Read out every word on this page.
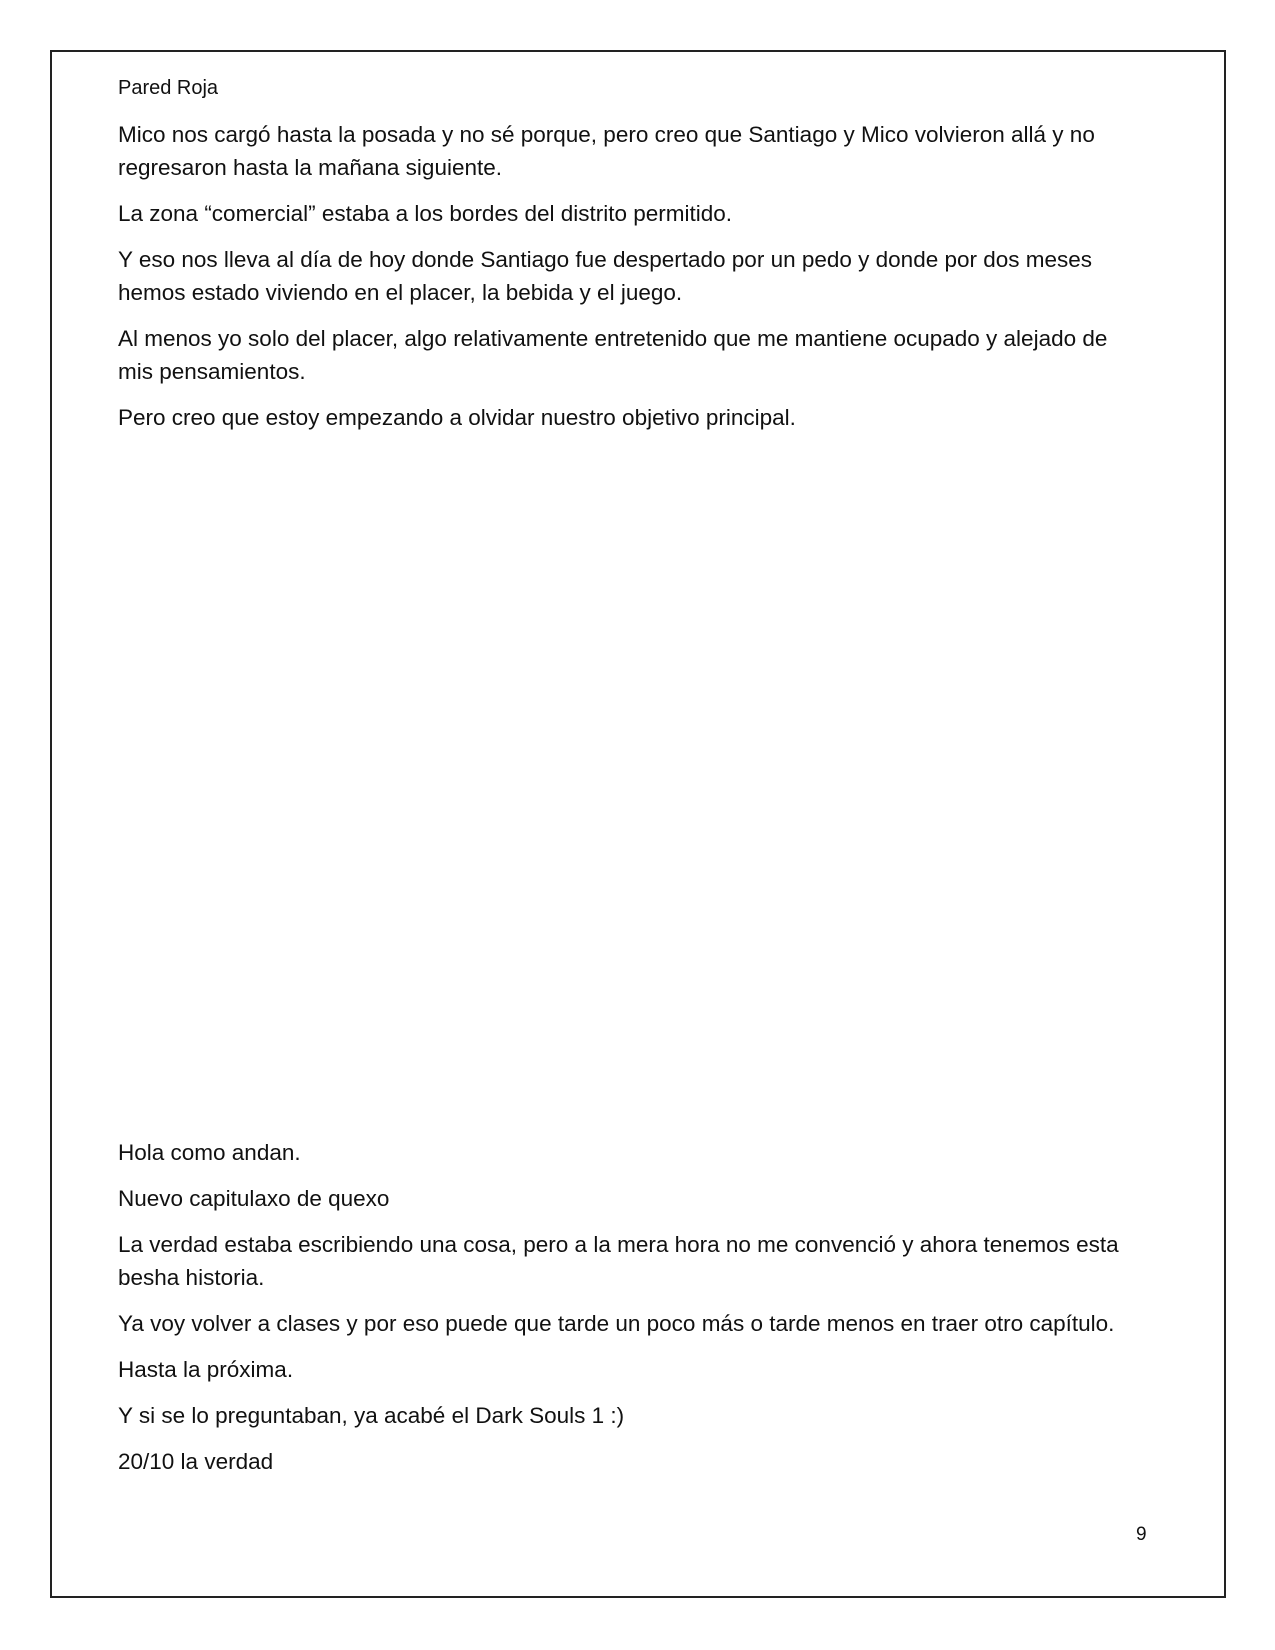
Pared Roja

Mico nos cargó hasta la posada y no sé porque, pero creo que Santiago y Mico volvieron allá y no regresaron hasta la mañana siguiente.

La zona “comercial” estaba a los bordes del distrito permitido.

Y eso nos lleva al día de hoy donde Santiago fue despertado por un pedo y donde por dos meses hemos estado viviendo en el placer, la bebida y el juego.

Al menos yo solo del placer, algo relativamente entretenido que me mantiene ocupado y alejado de mis pensamientos.

Pero creo que estoy empezando a olvidar nuestro objetivo principal.

Hola como andan.

Nuevo capitulaxo de quexo

La verdad estaba escribiendo una cosa, pero a la mera hora no me convenció y ahora tenemos esta besha historia.

Ya voy volver a clases y por eso puede que tarde un poco más o tarde menos en traer otro capítulo.

Hasta la próxima.

Y si se lo preguntaban, ya acabé el Dark Souls 1 :)

20/10 la verdad

9
